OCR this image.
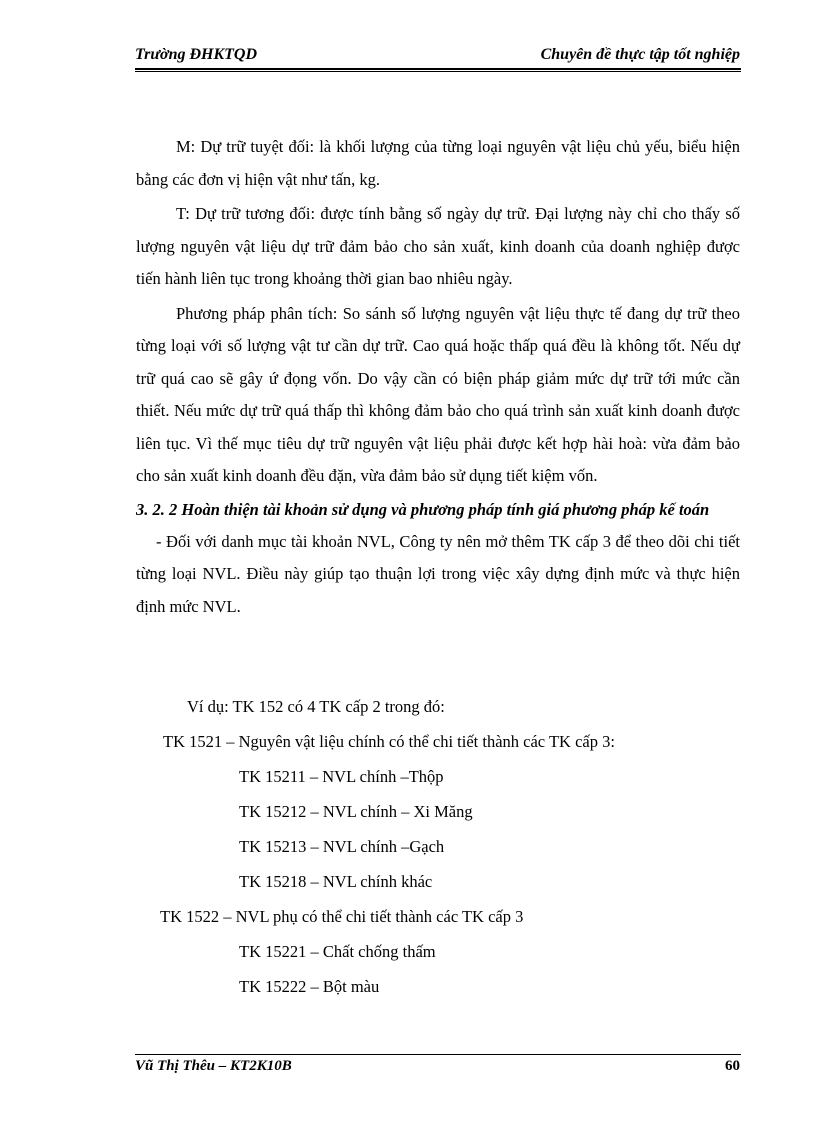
Trường ĐHKTQD	Chuyên đề thực tập tốt nghiệp

M: Dự trữ tuyệt đối: là khối lượng của từng loại nguyên vật liệu chủ yếu, biểu hiện bằng các đơn vị hiện vật như tấn, kg.

T: Dự trữ tương đối: được tính bằng số ngày dự trữ. Đại lượng này chỉ cho thấy số lượng nguyên vật liệu dự trữ đảm bảo cho sản xuất, kinh doanh của doanh nghiệp được tiến hành liên tục trong khoảng thời gian bao nhiêu ngày.

Phương pháp phân tích: So sánh số lượng nguyên vật liệu thực tế đang dự trữ theo từng loại với số lượng vật tư cần dự trữ. Cao quá hoặc thấp quá đều là không tốt. Nếu dự trữ quá cao sẽ gây ứ đọng vốn. Do vậy cần có biện pháp giảm mức dự trữ tới mức cần thiết. Nếu mức dự trữ quá thấp thì không đảm bảo cho quá trình sản xuất kinh doanh được liên tục. Vì thế mục tiêu dự trữ nguyên vật liệu phải được kết hợp hài hoà: vừa đảm bảo cho sản xuất kinh doanh đều đặn, vừa đảm bảo sử dụng tiết kiệm vốn.

3. 2. 2 Hoàn thiện tài khoản sử dụng và phương pháp tính giá phương pháp kế toán

- Đối với danh mục tài khoản NVL, Công ty nên mở thêm TK cấp 3 để theo dõi chi tiết từng loại NVL. Điều này giúp tạo thuận lợi trong việc xây dựng định mức và thực hiện định mức NVL.

Ví dụ: TK 152 có 4 TK cấp 2 trong đó:
TK 1521 – Nguyên vật liệu chính có thể chi tiết thành các TK cấp 3:
TK 15211 – NVL chính –Thộp
TK 15212 – NVL chính – Xi Măng
TK 15213 – NVL chính –Gạch
TK 15218 – NVL chính khác
TK 1522 – NVL phụ có thể chi tiết thành các TK cấp 3
TK 15221 – Chất chống thấm
TK 15222 – Bột màu
Vũ Thị Thêu – KT2K10B	60
